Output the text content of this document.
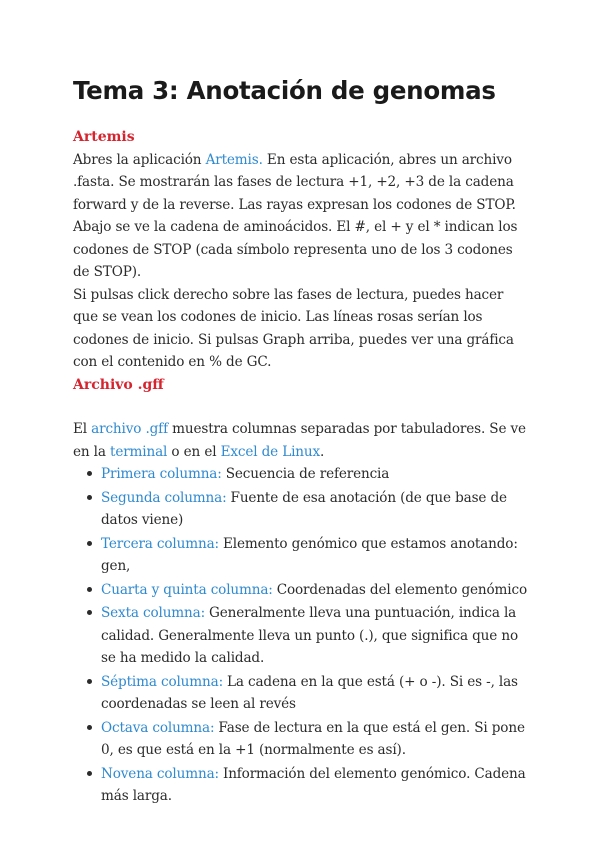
Tema 3: Anotación de genomas
Artemis

Abres la aplicación Artemis. En esta aplicación, abres un archivo .fasta. Se mostrarán las fases de lectura +1, +2, +3 de la cadena forward y de la reverse. Las rayas expresan los codones de STOP.

Abajo se ve la cadena de aminoácidos. El #, el + y el * indican los codones de STOP (cada símbolo representa uno de los 3 codones de STOP).

Si pulsas click derecho sobre las fases de lectura, puedes hacer que se vean los codones de inicio. Las líneas rosas serían los codones de inicio. Si pulsas Graph arriba, puedes ver una gráfica con el contenido en % de GC.

Archivo .gff

El archivo .gff muestra columnas separadas por tabuladores. Se ve en la terminal o en el Excel de Linux.

Primera columna: Secuencia de referencia
Segunda columna: Fuente de esa anotación (de que base de datos viene)
Tercera columna: Elemento genómico que estamos anotando: gen,
Cuarta y quinta columna: Coordenadas del elemento genómico
Sexta columna: Generalmente lleva una puntuación, indica la calidad. Generalmente lleva un punto (.), que significa que no se ha medido la calidad.
Séptima columna: La cadena en la que está (+ o -). Si es -, las coordenadas se leen al revés
Octava columna: Fase de lectura en la que está el gen. Si pone 0, es que está en la +1 (normalmente es así).
Novena columna: Información del elemento genómico. Cadena más larga.
